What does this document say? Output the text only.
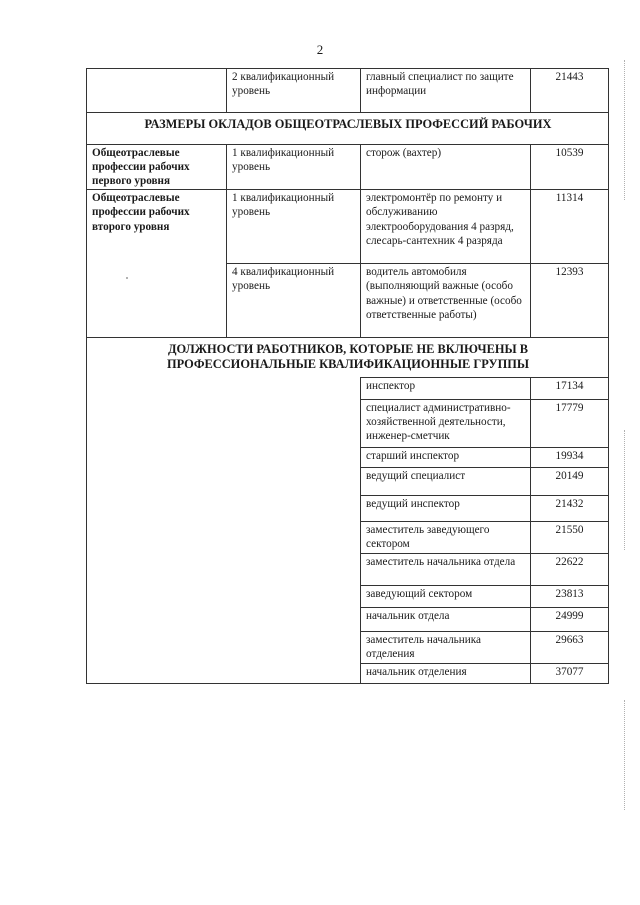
2
	2 квалификационный уровень	главный специалист по защите информации	21443
РАЗМЕРЫ ОКЛАДОВ ОБЩЕОТРАСЛЕВЫХ ПРОФЕССИЙ РАБОЧИХ			
Общеотраслевые профессии рабочих первого уровня	1 квалификационный уровень	сторож (вахтер)	10539
Общеотраслевые профессии рабочих второго уровня	1 квалификационный уровень	электромонтёр по ремонту и обслуживанию электрооборудования 4 разряд, слесарь-сантехник 4 разряда	11314
	4 квалификационный уровень	водитель автомобиля (выполняющий важные (особо важные) и ответственные (особо ответственные работы)	12393
ДОЛЖНОСТИ РАБОТНИКОВ, КОТОРЫЕ НЕ ВКЛЮЧЕНЫ В ПРОФЕССИОНАЛЬНЫЕ КВАЛИФИКАЦИОННЫЕ ГРУППЫ			
		инспектор	17134
		специалист административно-хозяйственной деятельности, инженер-сметчик	17779
		старший инспектор	19934
		ведущий специалист	20149
		ведущий инспектор	21432
		заместитель заведующего сектором	21550
		заместитель начальника отдела	22622
		заведующий сектором	23813
		начальник отдела	24999
		заместитель начальника отделения	29663
		начальник отделения	37077
